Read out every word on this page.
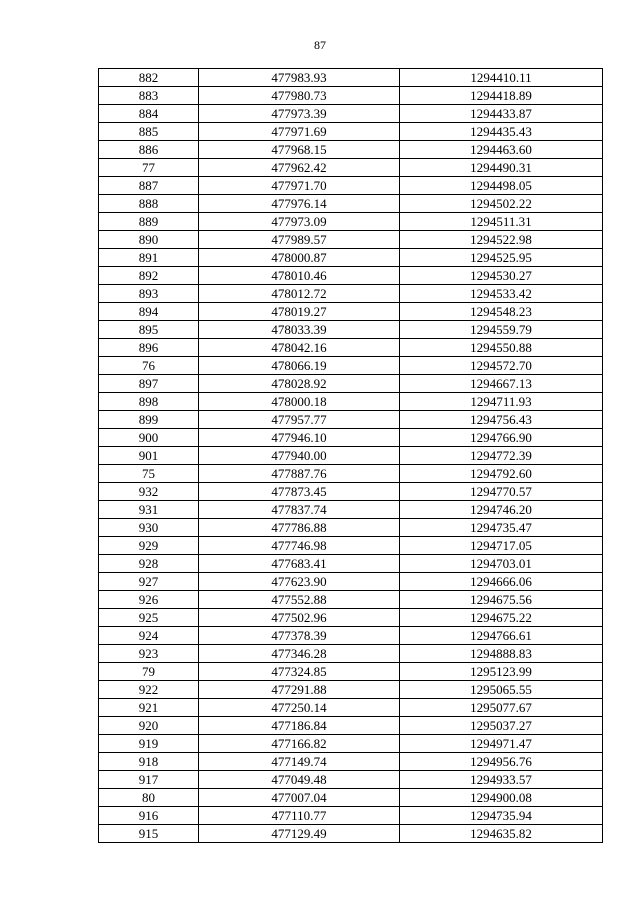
87
882	477983.93	1294410.11
883	477980.73	1294418.89
884	477973.39	1294433.87
885	477971.69	1294435.43
886	477968.15	1294463.60
77	477962.42	1294490.31
887	477971.70	1294498.05
888	477976.14	1294502.22
889	477973.09	1294511.31
890	477989.57	1294522.98
891	478000.87	1294525.95
892	478010.46	1294530.27
893	478012.72	1294533.42
894	478019.27	1294548.23
895	478033.39	1294559.79
896	478042.16	1294550.88
76	478066.19	1294572.70
897	478028.92	1294667.13
898	478000.18	1294711.93
899	477957.77	1294756.43
900	477946.10	1294766.90
901	477940.00	1294772.39
75	477887.76	1294792.60
932	477873.45	1294770.57
931	477837.74	1294746.20
930	477786.88	1294735.47
929	477746.98	1294717.05
928	477683.41	1294703.01
927	477623.90	1294666.06
926	477552.88	1294675.56
925	477502.96	1294675.22
924	477378.39	1294766.61
923	477346.28	1294888.83
79	477324.85	1295123.99
922	477291.88	1295065.55
921	477250.14	1295077.67
920	477186.84	1295037.27
919	477166.82	1294971.47
918	477149.74	1294956.76
917	477049.48	1294933.57
80	477007.04	1294900.08
916	477110.77	1294735.94
915	477129.49	1294635.82
